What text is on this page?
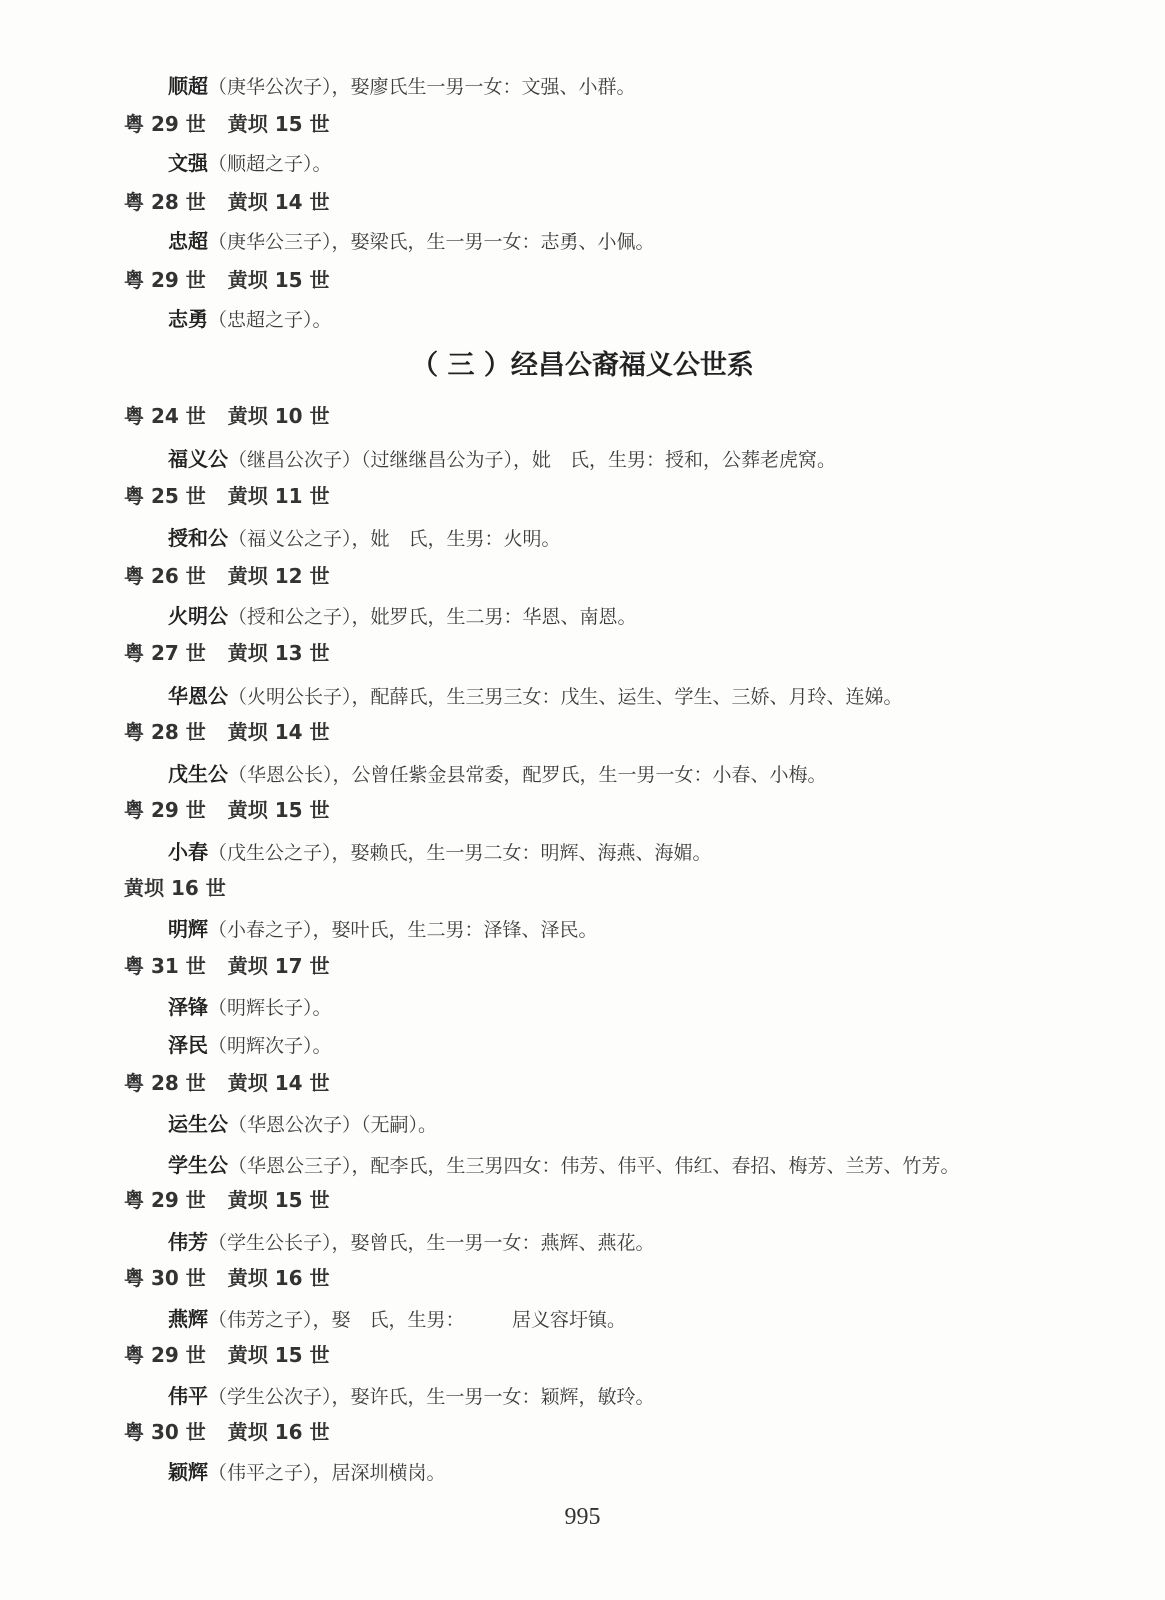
顺超（庚华公次子），娶廖氏生一男一女：文强、小群。
粤 29 世 黄坝 15 世
文强（顺超之子）。
粤 28 世 黄坝 14 世
忠超（庚华公三子），娶梁氏，生一男一女：志勇、小佩。
粤 29 世 黄坝 15 世
志勇（忠超之子）。
（ 三 ）经昌公裔福义公世系
粤 24 世 黄坝 10 世
福义公（继昌公次子）（过继继昌公为子），妣　氏，生男：授和，公葬老虎窝。
粤 25 世 黄坝 11 世
授和公（福义公之子），妣　氏，生男：火明。
粤 26 世 黄坝 12 世
火明公（授和公之子），妣罗氏，生二男：华恩、南恩。
粤 27 世 黄坝 13 世
华恩公（火明公长子），配薛氏，生三男三女：戊生、运生、学生、三娇、月玲、连娣。
粤 28 世 黄坝 14 世
戊生公（华恩公长），公曾任紫金县常委，配罗氏，生一男一女：小春、小梅。
粤 29 世 黄坝 15 世
小春（戊生公之子），娶赖氏，生一男二女：明辉、海燕、海媚。
黄坝 16 世
明辉（小春之子），娶叶氏，生二男：泽锋、泽民。
粤 31 世 黄坝 17 世
泽锋（明辉长子）。
泽民（明辉次子）。
粤 28 世 黄坝 14 世
运生公（华恩公次子）（无嗣）。
学生公（华恩公三子），配李氏，生三男四女：伟芳、伟平、伟红、春招、梅芳、兰芳、竹芳。
粤 29 世 黄坝 15 世
伟芳（学生公长子），娶曾氏，生一男一女：燕辉、燕花。
粤 30 世 黄坝 16 世
燕辉（伟芳之子），娶　氏，生男：　　　居义容圩镇。
粤 29 世 黄坝 15 世
伟平（学生公次子），娶许氏，生一男一女：颖辉，敏玲。
粤 30 世 黄坝 16 世
颖辉（伟平之子），居深圳横岗。
995
